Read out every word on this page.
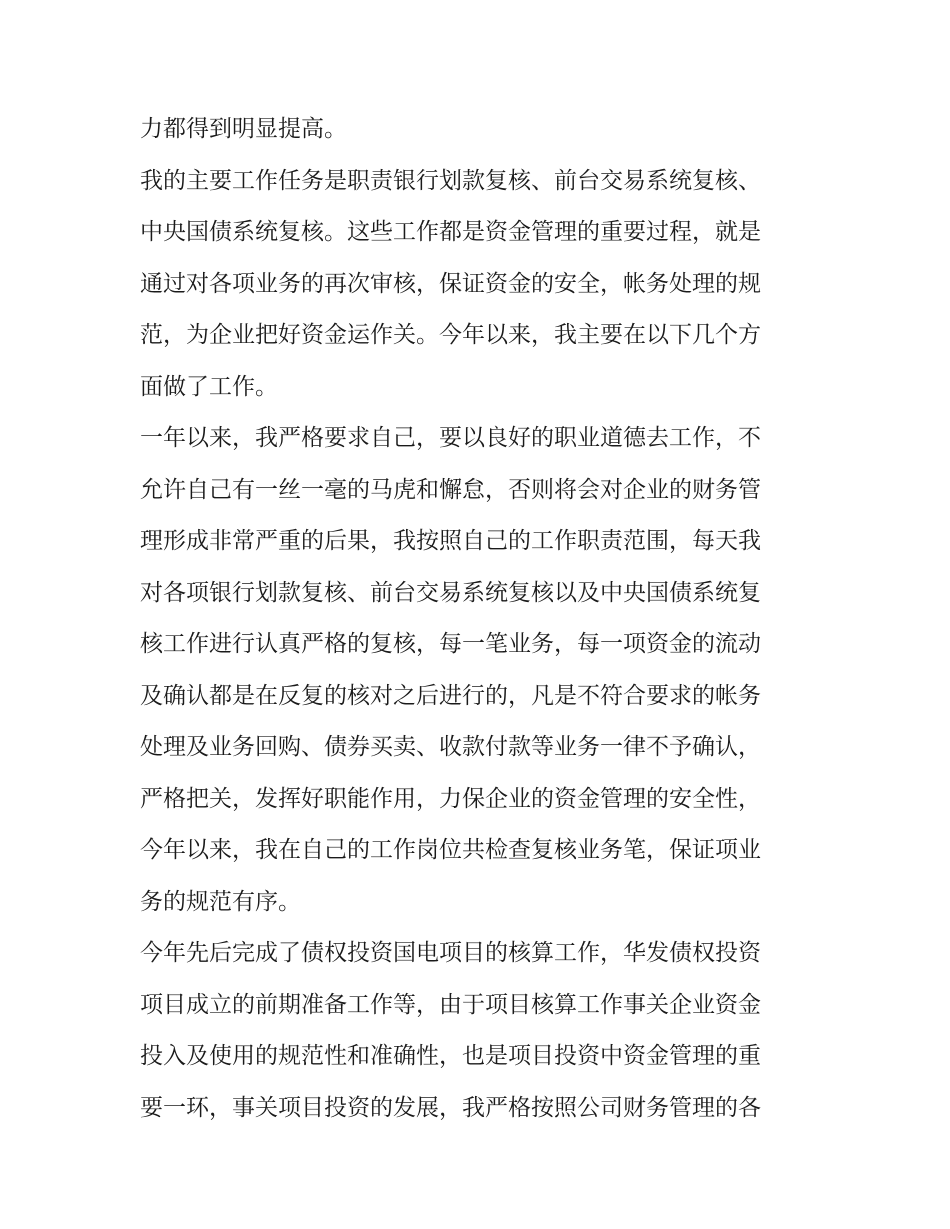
力都得到明显提高。
我的主要工作任务是职责银行划款复核、前台交易系统复核、
中央国债系统复核。这些工作都是资金管理的重要过程，就是
通过对各项业务的再次审核，保证资金的安全，帐务处理的规
范，为企业把好资金运作关。今年以来，我主要在以下几个方
面做了工作。
一年以来，我严格要求自己，要以良好的职业道德去工作，不
允许自己有一丝一毫的马虎和懈怠，否则将会对企业的财务管
理形成非常严重的后果，我按照自己的工作职责范围，每天我
对各项银行划款复核、前台交易系统复核以及中央国债系统复
核工作进行认真严格的复核，每一笔业务，每一项资金的流动
及确认都是在反复的核对之后进行的，凡是不符合要求的帐务
处理及业务回购、债券买卖、收款付款等业务一律不予确认，
严格把关，发挥好职能作用，力保企业的资金管理的安全性，
今年以来，我在自己的工作岗位共检查复核业务笔，保证项业
务的规范有序。
今年先后完成了债权投资国电项目的核算工作，华发债权投资
项目成立的前期准备工作等，由于项目核算工作事关企业资金
投入及使用的规范性和准确性，也是项目投资中资金管理的重
要一环，事关项目投资的发展，我严格按照公司财务管理的各
